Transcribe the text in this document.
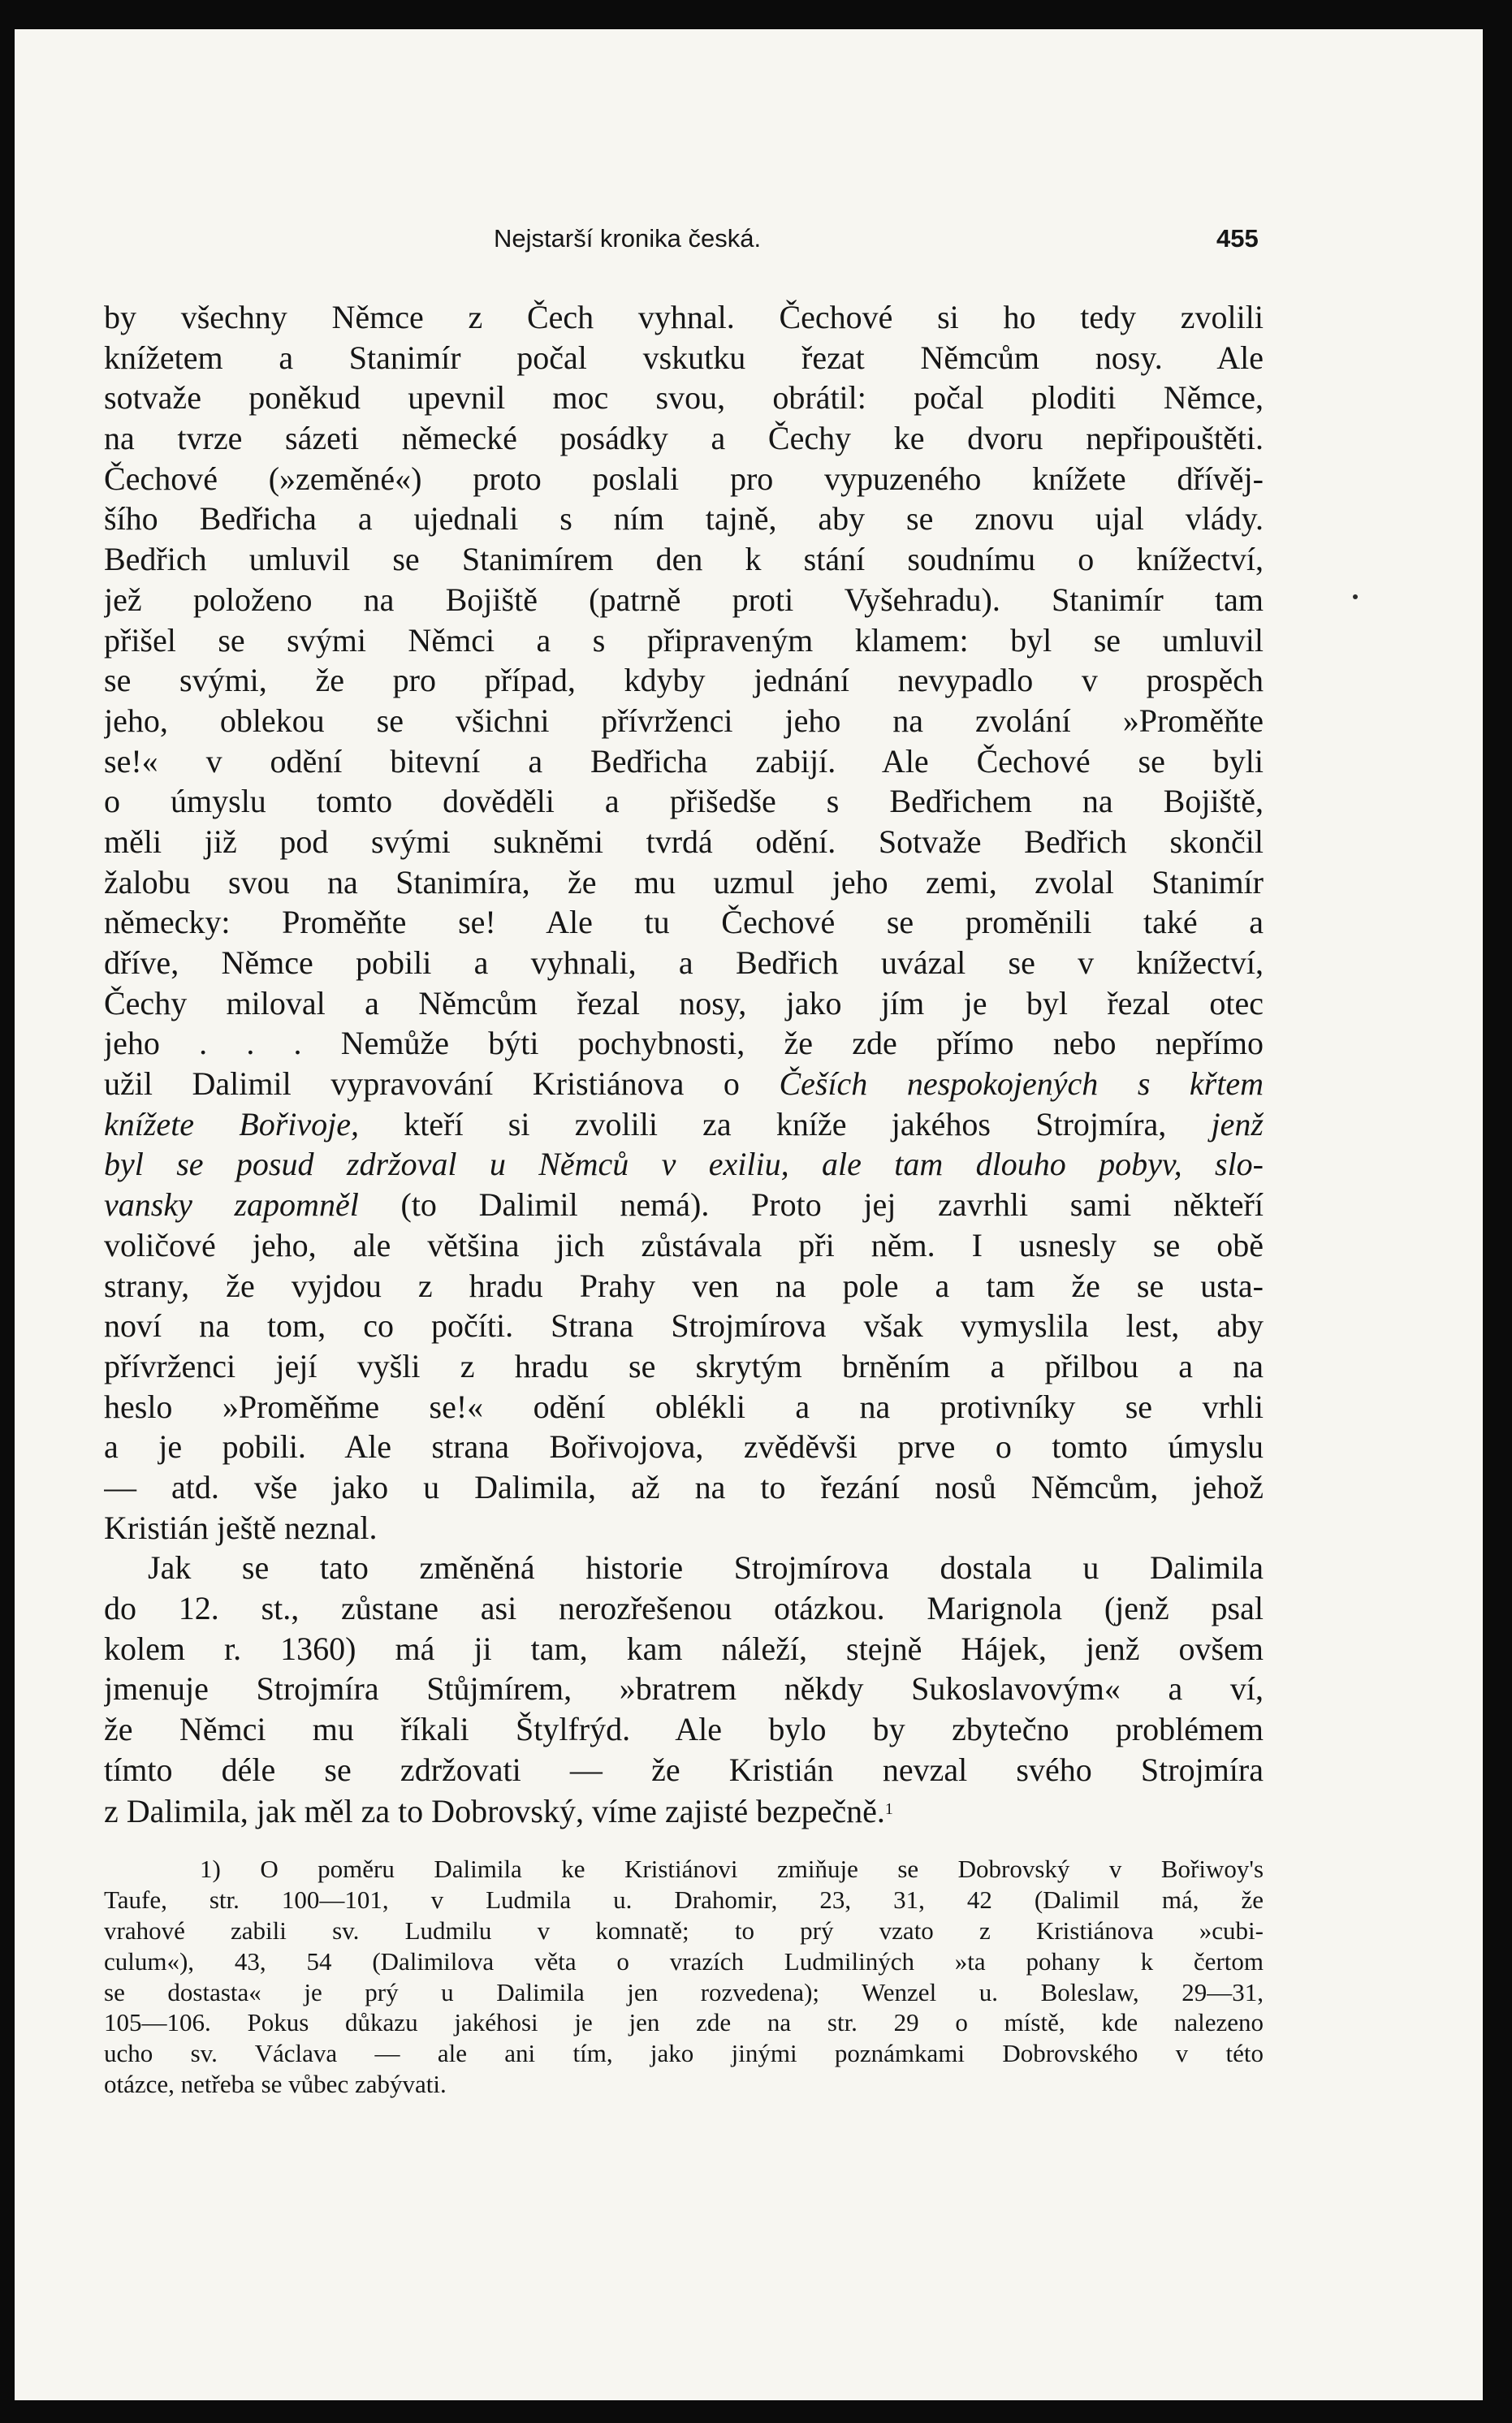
Nejstarší kronika česká.	455
by všechny Němce z Čech vyhnal. Čechové si ho tedy zvolili
knížetem a Stanimír počal vskutku řezat Němcům nosy. Ale
sotvaže poněkud upevnil moc svou, obrátil: počal ploditi Němce,
na tvrze sázeti německé posádky a Čechy ke dvoru nepřipouštěti.
Čechové (»zeměné«) proto poslali pro vypuzeného knížete dřívěj-
šího Bedřicha a ujednali s ním tajně, aby se znovu ujal vlády.
Bedřich umluvil se Stanimírem den k stání soudnímu o knížectví,
jež položeno na Bojiště (patrně proti Vyšehradu). Stanimír tam
přišel se svými Němci a s připraveným klamem: byl se umluvil
se svými, že pro případ, kdyby jednání nevypadlo v prospěch
jeho, oblekou se všichni přívrženci jeho na zvolání »Proměňte
se!« v odění bitevní a Bedřicha zabijí. Ale Čechové se byli
o úmyslu tomto dověděli a přišedše s Bedřichem na Bojiště,
měli již pod svými sukněmi tvrdá odění. Sotvaže Bedřich skončil
žalobu svou na Stanimíra, že mu uzmul jeho zemi, zvolal Stanimír
německy: Proměňte se! Ale tu Čechové se proměnili také a
dříve, Němce pobili a vyhnali, a Bedřich uvázal se v knížectví,
Čechy miloval a Němcům řezal nosy, jako jím je byl řezal otec
jeho . . . Nemůže býti pochybnosti, že zde přímo nebo nepřímo
užil Dalimil vypravování Kristiánova o Češích nespokojených s křtem
knížete Bořivoje, kteří si zvolili za kníže jakéhos Strojmíra, jenž
byl se posud zdržoval u Němců v exiliu, ale tam dlouho pobyv, slo-
vansky zapomněl (to Dalimil nemá). Proto jej zavrhli sami někteří
voličové jeho, ale většina jich zůstávala při něm. I usnesly se obě
strany, že vyjdou z hradu Prahy ven na pole a tam že se usta-
noví na tom, co počíti. Strana Strojmírova však vymyslila lest, aby
přívrženci její vyšli z hradu se skrytým brněním a přilbou a na
heslo »Proměňme se!« odění oblékli a na protivníky se vrhli
a je pobili. Ale strana Bořivojova, zvěděvši prve o tomto úmyslu
— atd. vše jako u Dalimila, až na to řezání nosů Němcům, jehož
Kristián ještě neznal.
Jak se tato změněná historie Strojmírova dostala u Dalimila
do 12. st., zůstane asi nerozřešenou otázkou. Marignola (jenž psal
kolem r. 1360) má ji tam, kam náleží, stejně Hájek, jenž ovšem
jmenuje Strojmíra Stůjmírem, »bratrem někdy Sukoslavovým« a ví,
že Němci mu říkali Štylfrýd. Ale bylo by zbytečno problémem
tímto déle se zdržovati — že Kristián nevzal svého Strojmíra
z Dalimila, jak měl za to Dobrovský, víme zajisté bezpečně.$^1$
1) O poměru Dalimila ke Kristiánovi zmiňuje se Dobrovský v Bořiwoy's
Taufe, str. 100—101, v Ludmila u. Drahomir, 23, 31, 42 (Dalimil má, že
vrahové zabili sv. Ludmilu v komnatě; to prý vzato z Kristiánova »cubi-
culum«), 43, 54 (Dalimilova věta o vrazích Ludmiliných »ta pohany k čertom
se dostasta« je prý u Dalimila jen rozvedena); Wenzel u. Boleslaw, 29—31,
105—106. Pokus důkazu jakéhosi je jen zde na str. 29 o místě, kde nalezeno
ucho sv. Václava — ale ani tím, jako jinými poznámkami Dobrovského v této
otázce, netřeba se vůbec zabývati.
